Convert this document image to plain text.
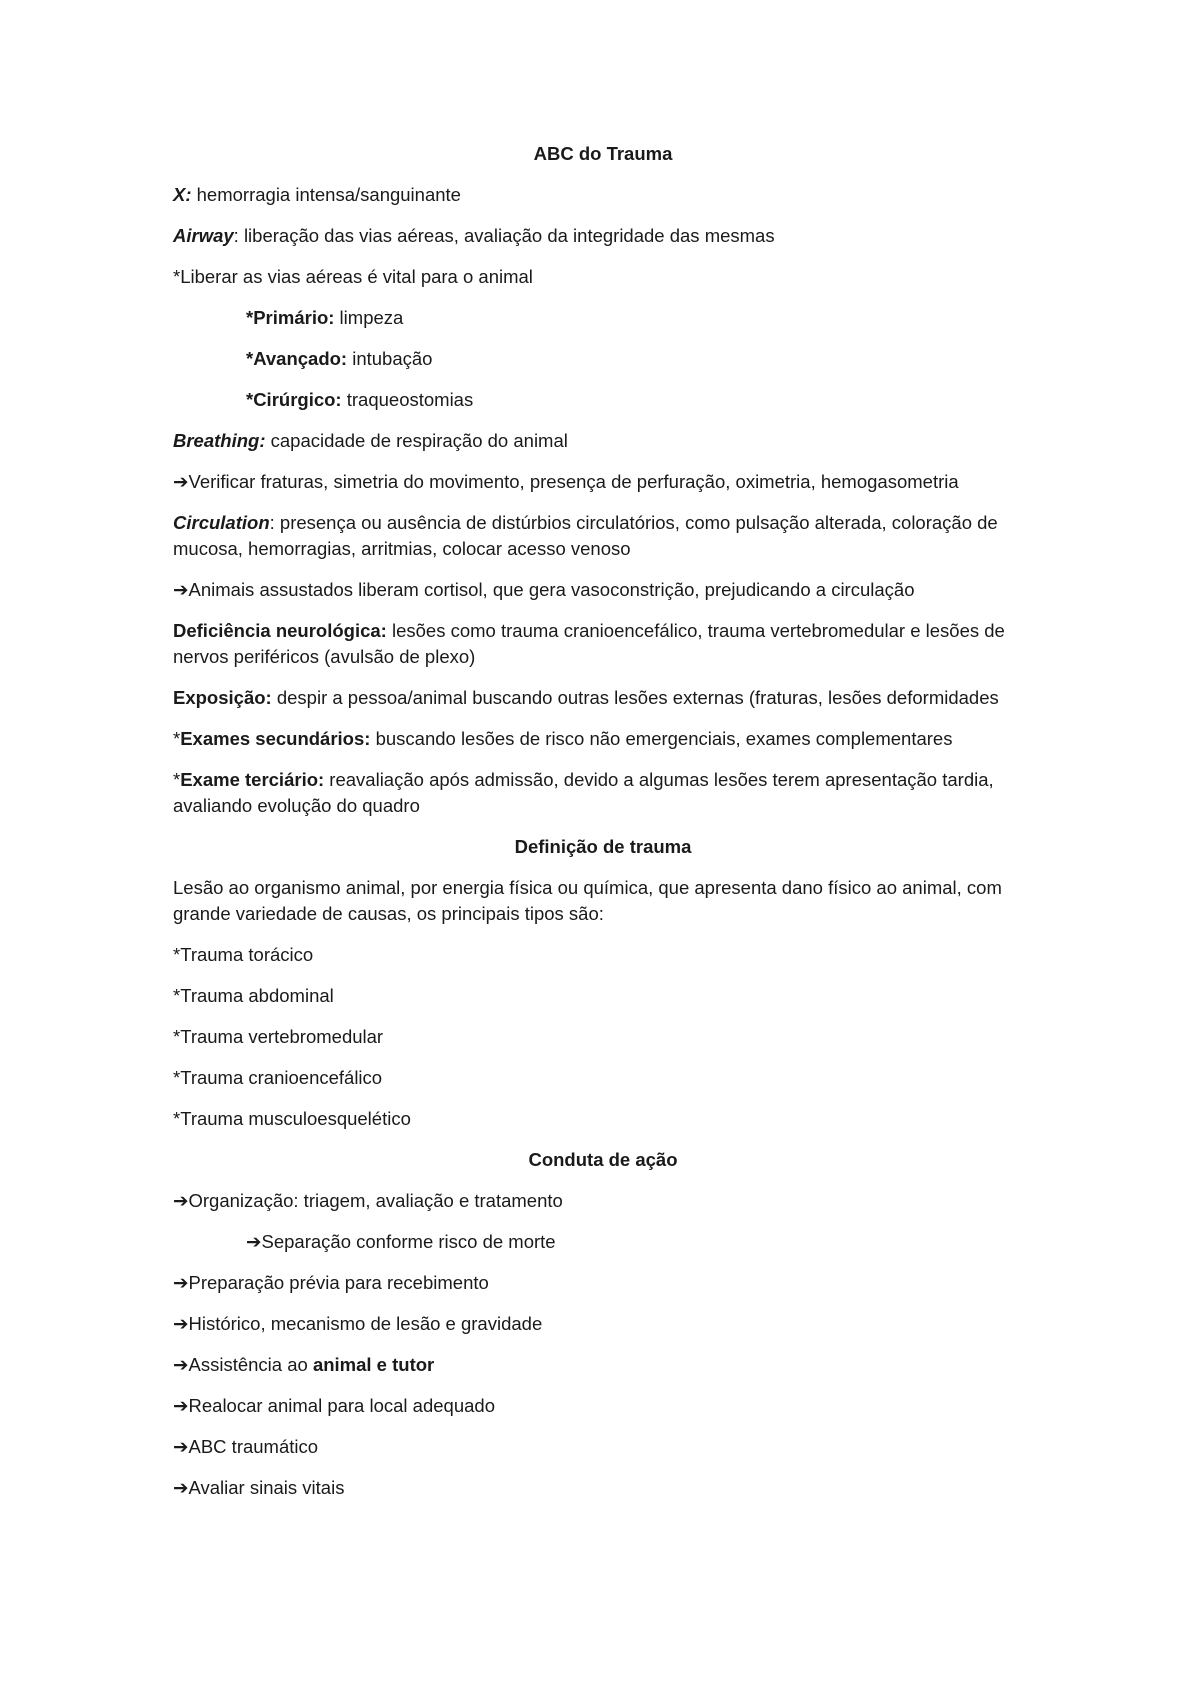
ABC do Trauma

X: hemorragia intensa/sanguinante

Airway: liberação das vias aéreas, avaliação da integridade das mesmas

*Liberar as vias aéreas é vital para o animal

*Primário: limpeza

*Avançado: intubação

*Cirúrgico: traqueostomias

Breathing: capacidade de respiração do animal

➔Verificar fraturas, simetria do movimento, presença de perfuração, oximetria, hemogasometria

Circulation: presença ou ausência de distúrbios circulatórios, como pulsação alterada, coloração de mucosa, hemorragias, arritmias, colocar acesso venoso

➔Animais assustados liberam cortisol, que gera vasoconstrição, prejudicando a circulação

Deficiência neurológica: lesões como trauma cranioencefálico, trauma vertebromedular e lesões de nervos periféricos (avulsão de plexo)

Exposição: despir a pessoa/animal buscando outras lesões externas (fraturas, lesões deformidades

*Exames secundários: buscando lesões de risco não emergenciais, exames complementares

*Exame terciário: reavaliação após admissão, devido a algumas lesões terem apresentação tardia, avaliando evolução do quadro

Definição de trauma

Lesão ao organismo animal, por energia física ou química, que apresenta dano físico ao animal, com grande variedade de causas, os principais tipos são:

*Trauma torácico

*Trauma abdominal

*Trauma vertebromedular

*Trauma cranioencefálico

*Trauma musculoesquelético

Conduta de ação

➔Organização: triagem, avaliação e tratamento

➔Separação conforme risco de morte

➔Preparação prévia para recebimento

➔Histórico, mecanismo de lesão e gravidade

➔Assistência ao animal e tutor

➔Realocar animal para local adequado

➔ABC traumático

➔Avaliar sinais vitais
